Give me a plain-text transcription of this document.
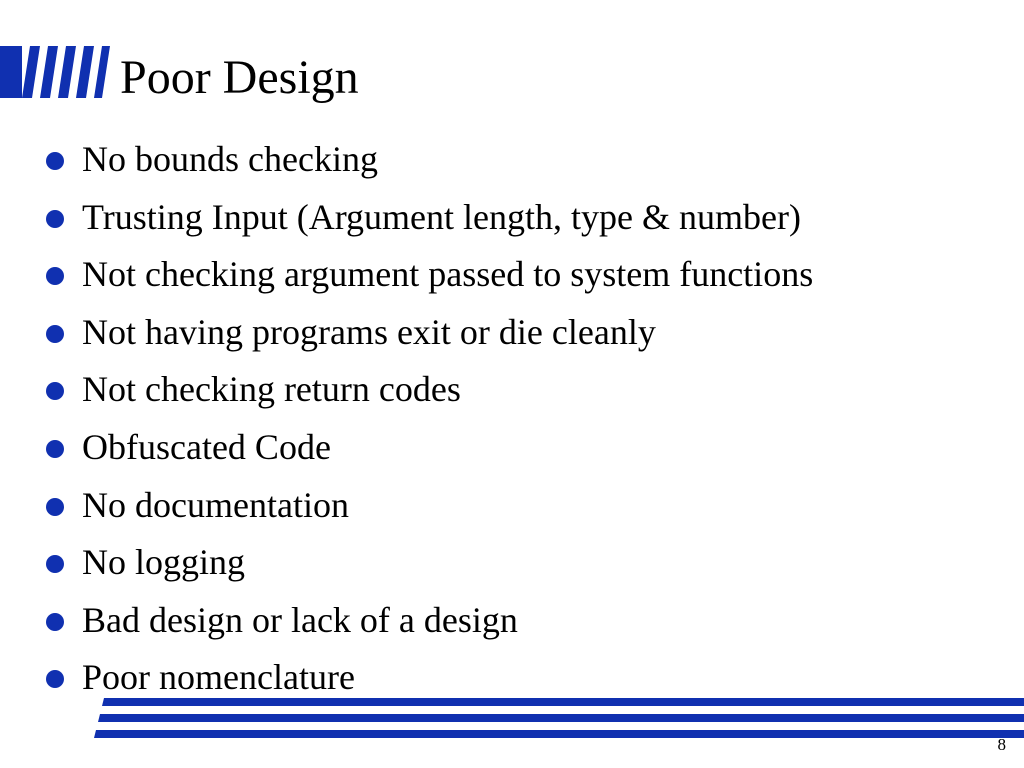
Poor Design
No bounds checking
Trusting Input (Argument length, type & number)
Not checking argument passed to system functions
Not having programs exit or die cleanly
Not checking return codes
Obfuscated Code
No documentation
No logging
Bad design or lack of a design
Poor nomenclature
8
